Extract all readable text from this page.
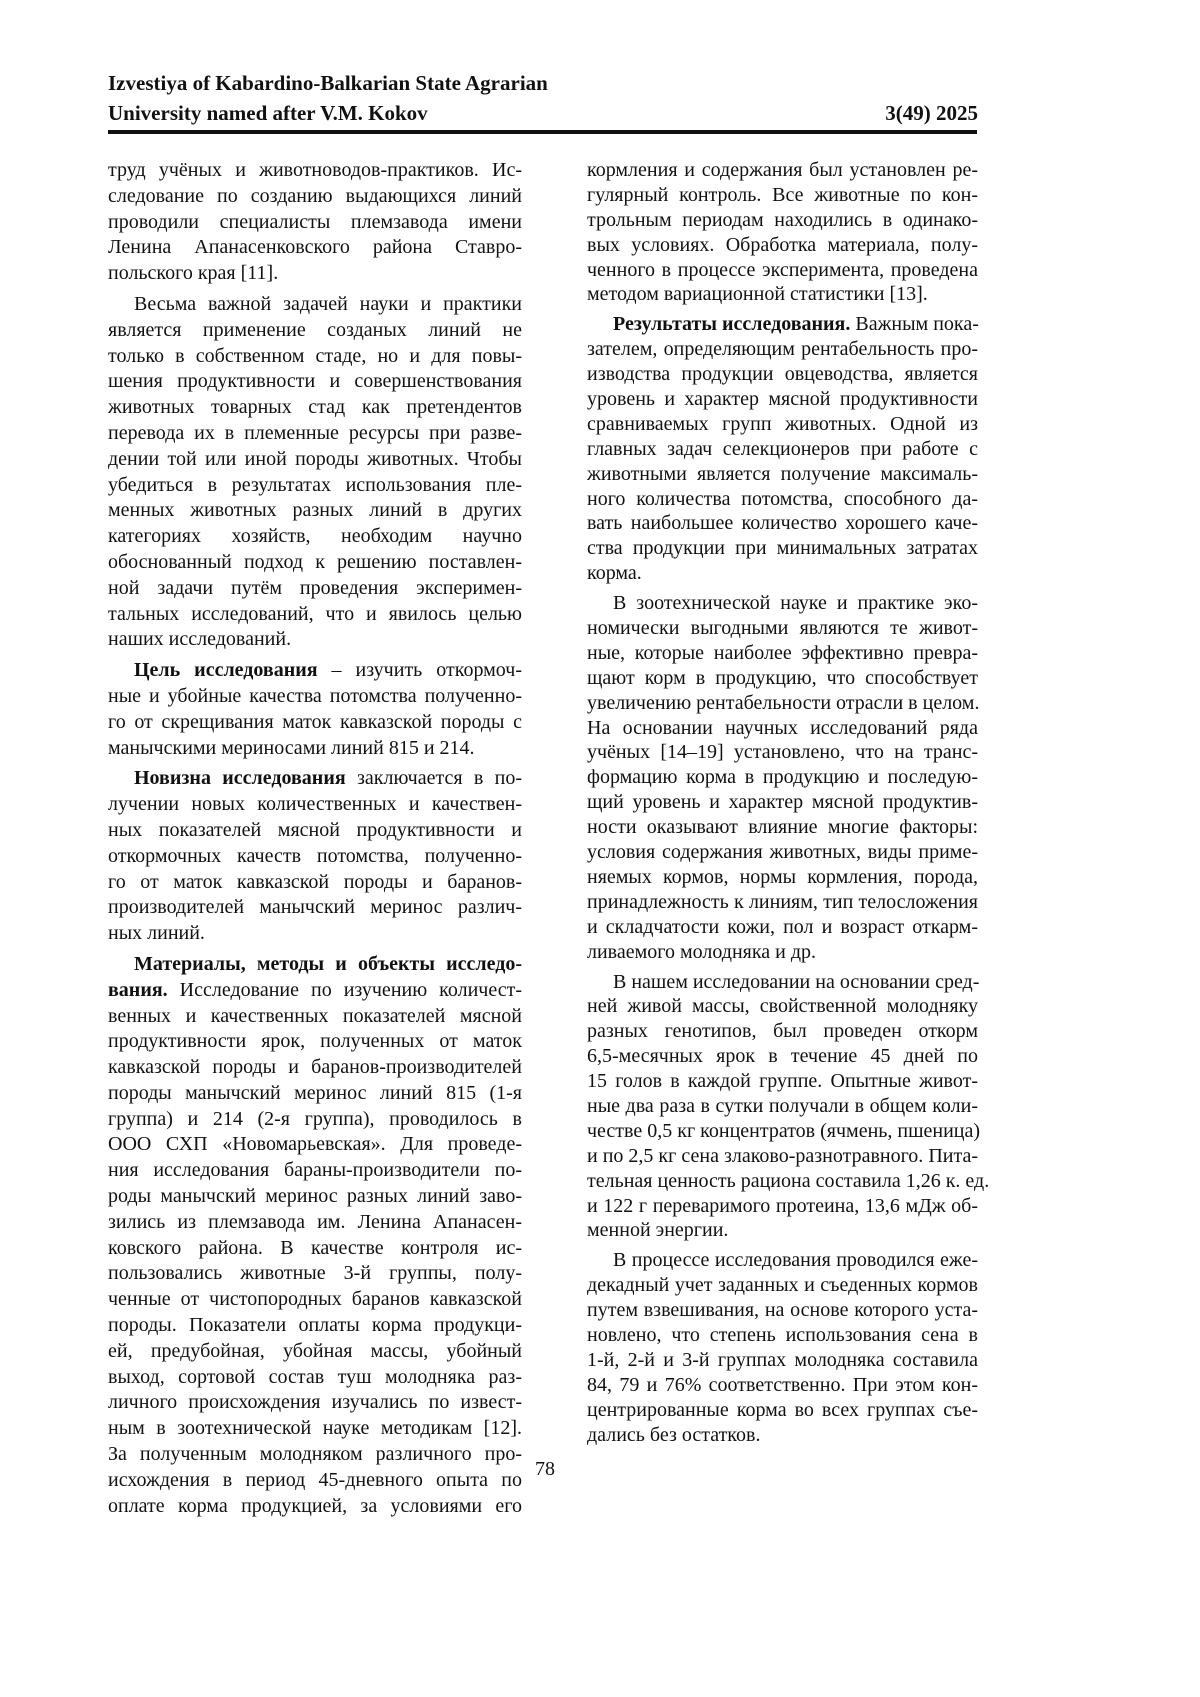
Izvestiya of Kabardino-Balkarian State Agrarian
University named after V.M. Kokov	3(49) 2025
труд учёных и животноводов-практиков. Ис-
следование по созданию выдающихся линий
проводили специалисты племзавода имени
Ленина Апанасенковского района Ставро-
польского края [11].
Весьма важной задачей науки и практики
является применение созданых линий не
только в собственном стаде, но и для повы-
шения продуктивности и совершенствования
животных товарных стад как претендентов
перевода их в племенные ресурсы при разве-
дении той или иной породы животных. Чтобы
убедиться в результатах использования пле-
менных животных разных линий в других
категориях хозяйств, необходим научно
обоснованный подход к решению поставлен-
ной задачи путём проведения эксперимен-
тальных исследований, что и явилось целью
наших исследований.
Цель исследования – изучить откормоч-
ные и убойные качества потомства полученно-
го от скрещивания маток кавказской породы с
манычскими мериносами линий 815 и 214.
Новизна исследования заключается в по-
лучении новых количественных и качествен-
ных показателей мясной продуктивности и
откормочных качеств потомства, полученно-
го от маток кавказской породы и баранов-
производителей манычский меринос различ-
ных линий.
Материалы, методы и объекты исследо-
вания. Исследование по изучению количест-
венных и качественных показателей мясной
продуктивности ярок, полученных от маток
кавказской породы и баранов-производителей
породы манычский меринос линий 815 (1-я
группа) и 214 (2-я группа), проводилось в
ООО СХП «Новомарьевская». Для проведе-
ния исследования бараны-производители по-
роды манычский меринос разных линий заво-
зились из племзавода им. Ленина Апанасен-
ковского района. В качестве контроля ис-
пользовались животные 3-й группы, полу-
ченные от чистопородных баранов кавказской
породы. Показатели оплаты корма продукци-
ей, предубойная, убойная массы, убойный
выход, сортовой состав туш молодняка раз-
личного происхождения изучались по извест-
ным в зоотехнической науке методикам [12].
За полученным молодняком различного про-
исхождения в период 45-дневного опыта по
оплате корма продукцией, за условиями его
кормления и содержания был установлен ре-
гулярный контроль. Все животные по кон-
трольным периодам находились в одинако-
вых условиях. Обработка материала, полу-
ченного в процессе эксперимента, проведена
методом вариационной статистики [13].
Результаты исследования. Важным пока-
зателем, определяющим рентабельность про-
изводства продукции овцеводства, является
уровень и характер мясной продуктивности
сравниваемых групп животных. Одной из
главных задач селекционеров при работе с
животными является получение максималь-
ного количества потомства, способного да-
вать наибольшее количество хорошего каче-
ства продукции при минимальных затратах
корма.
В зоотехнической науке и практике эко-
номически выгодными являются те живот-
ные, которые наиболее эффективно превра-
щают корм в продукцию, что способствует
увеличению рентабельности отрасли в целом.
На основании научных исследований ряда
учёных [14–19] установлено, что на транс-
формацию корма в продукцию и последую-
щий уровень и характер мясной продуктив-
ности оказывают влияние многие факторы:
условия содержания животных, виды приме-
няемых кормов, нормы кормления, порода,
принадлежность к линиям, тип телосложения
и складчатости кожи, пол и возраст откарм-
ливаемого молодняка и др.
В нашем исследовании на основании сред-
ней живой массы, свойственной молодняку
разных генотипов, был проведен откорм
6,5-месячных ярок в течение 45 дней по
15 голов в каждой группе. Опытные живот-
ные два раза в сутки получали в общем коли-
честве 0,5 кг концентратов (ячмень, пшеница)
и по 2,5 кг сена злаково-разнотравного. Пита-
тельная ценность рациона составила 1,26 к. ед.
и 122 г переваримого протеина, 13,6 мДж об-
менной энергии.
В процессе исследования проводился еже-
декадный учет заданных и съеденных кормов
путем взвешивания, на основе которого уста-
новлено, что степень использования сена в
1-й, 2-й и 3-й группах молодняка составила
84, 79 и 76% соответственно. При этом кон-
центрированные корма во всех группах съе-
дались без остатков.
78
